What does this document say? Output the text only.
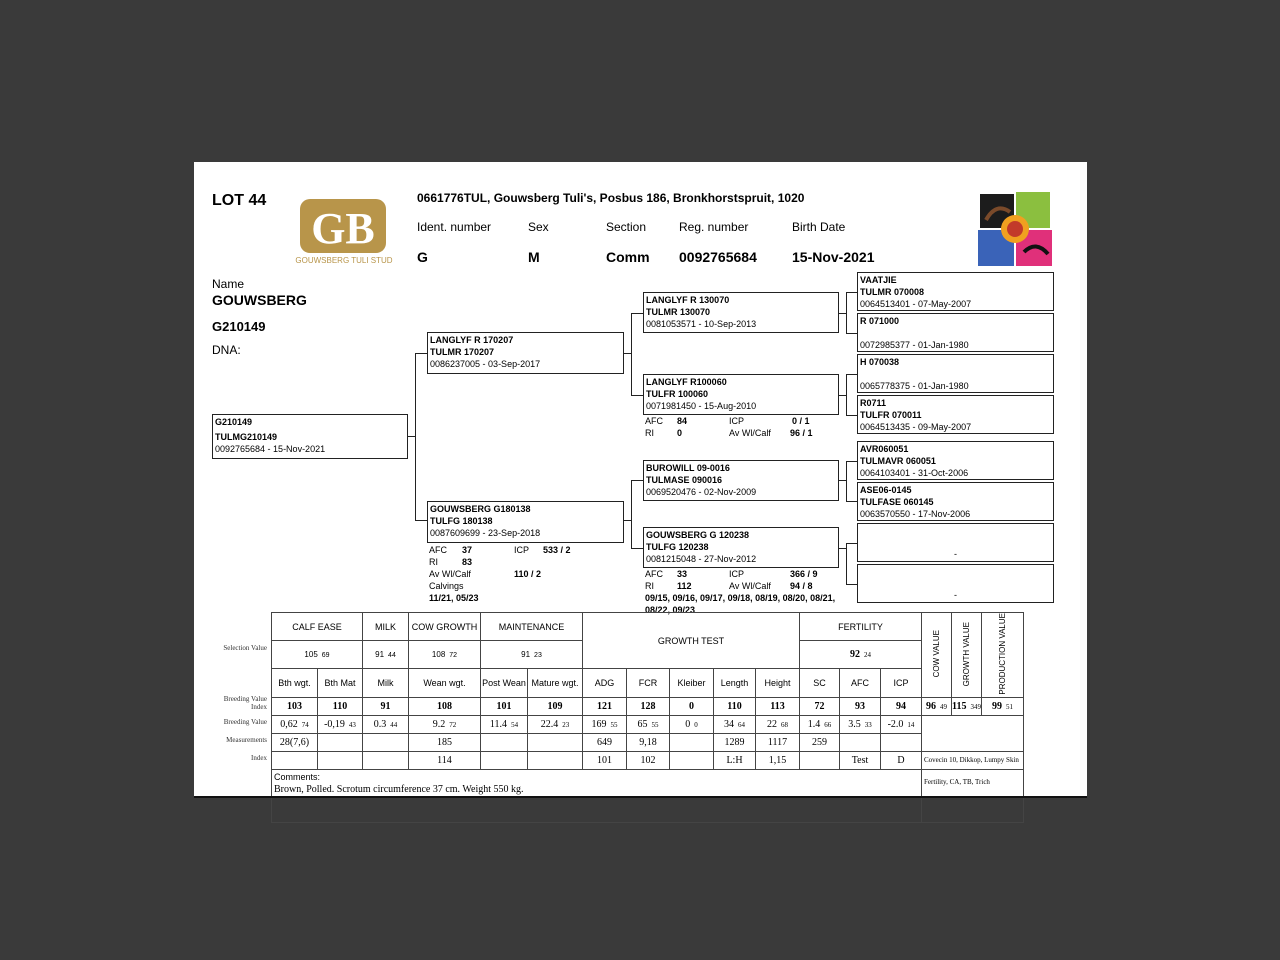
LOT 44
GB
GOUWSBERG TULI STUD
0661776TUL, Gouwsberg Tuli's, Posbus 186, Bronkhorstspruit, 1020
Ident. number	Sex	Section	Reg. number	Birth Date
G	M	Comm 0092765684	15-Nov-2021
Name
GOUWSBERG
G210149
DNA:
G210149
TULMG210149
0092765684 - 15-Nov-2021
LANGLYF R 170207
TULMR 170207
0086237005 - 03-Sep-2017
GOUWSBERG G180138
TULFG 180138
0087609699 - 23-Sep-2018
AFC 37	ICP 533 / 2
RI	83
Av Wl/Calf	110 / 2
Calvings
11/21, 05/23
LANGLYF R 130070
TULMR 130070
0081053571 - 10-Sep-2013
LANGLYF R100060
TULFR 100060
0071981450 - 15-Aug-2010
AFC 84	ICP	0 / 1
RI	0	Av Wl/Calf 96 / 1
BUROWILL 09-0016
TULMASE 090016
0069520476 - 02-Nov-2009
GOUWSBERG G 120238
TULFG 120238
0081215048 - 27-Nov-2012
AFC 33	ICP	366 / 9
RI	112	Av Wl/Calf 94 / 8
09/15, 09/16, 09/17, 09/18, 08/19, 08/20, 08/21,
08/22, 09/23
VAATJIE
TULMR 070008
0064513401 - 07-May-2007
R 071000
0072985377 - 01-Jan-1980
H 070038
0065778375 - 01-Jan-1980
R0711
TULFR 070011
0064513435 - 09-May-2007
AVR060051
TULMAVR 060051
0064103401 - 31-Oct-2006
ASE06-0145
TULFASE 060145
0063570550 - 17-Nov-2006
-
-
	CALF EASE		MILK	COW GROWTH	MAINTENANCE		GROWTH TEST					FERTILITY			COW VALUE	GROWTH VALUE	PRODUCTION VALUE

Selection Value	105 69		91 44	108 72	91 23							92 24					
	Bth wgt.	Bth Mat	Milk	Wean wgt.	Post Wean	Mature wgt.	ADG	FCR	Kleiber	Length	Height	SC	AFC	ICP			

Breeding Value Index	103	110	91	108	101	109	121	128	0	110	113	72	93	94	96 49	115 349	99 51

Breeding Value	0,62 74	-0,19 43	0.3 44	9.2 72	11.4 54	22.4 23	169 55	65 55	0 0	34 64	22 68	1.4 66	3.5 33	-2.0 14			

Measurements	28(7,6)			185			649	9,18		1289	1117	259					

Index				114			101	102		L:H	1,15		Test	D	Covecin 10, Dikkop, Lumpy Skin		

	Comments:
Brown, Polled. Scrotum circumference 37 cm. Weight 550 kg.														Fertility, CA, TB, Trich		
